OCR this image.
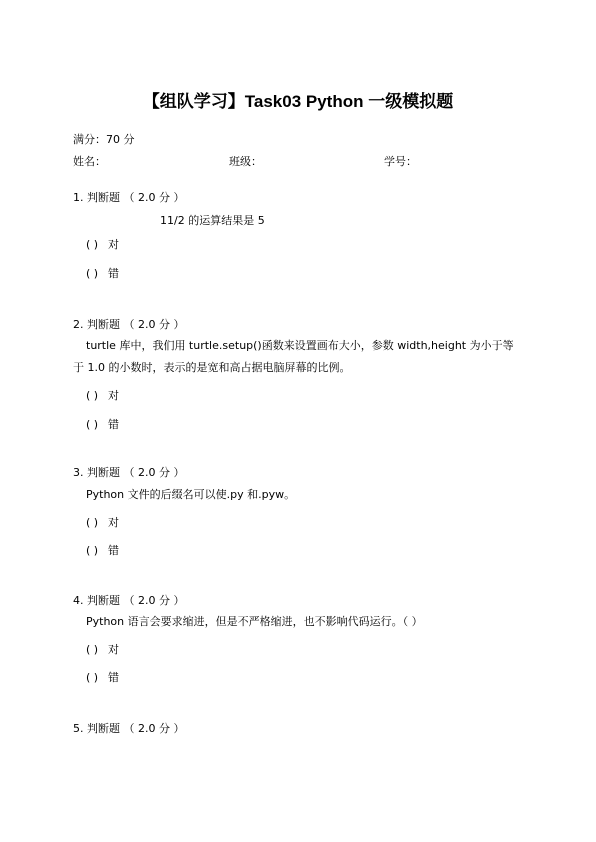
【组队学习】Task03 Python 一级模拟题
满分：70 分
姓名：	班级：	学号：
1. 判断题 （ 2.0 分 ）
11/2 的运算结果是 5
( ) 对
( ) 错
2. 判断题 （ 2.0 分 ）
turtle 库中，我们用 turtle.setup()函数来设置画布大小，参数 width,height 为小于等
于 1.0 的小数时，表示的是宽和高占据电脑屏幕的比例。
( ) 对
( ) 错
3. 判断题 （ 2.0 分 ）
Python 文件的后缀名可以使.py 和.pyw。
( ) 对
( ) 错
4. 判断题 （ 2.0 分 ）
Python 语言会要求缩进，但是不严格缩进，也不影响代码运行。（ ）
( ) 对
( ) 错
5. 判断题 （ 2.0 分 ）
